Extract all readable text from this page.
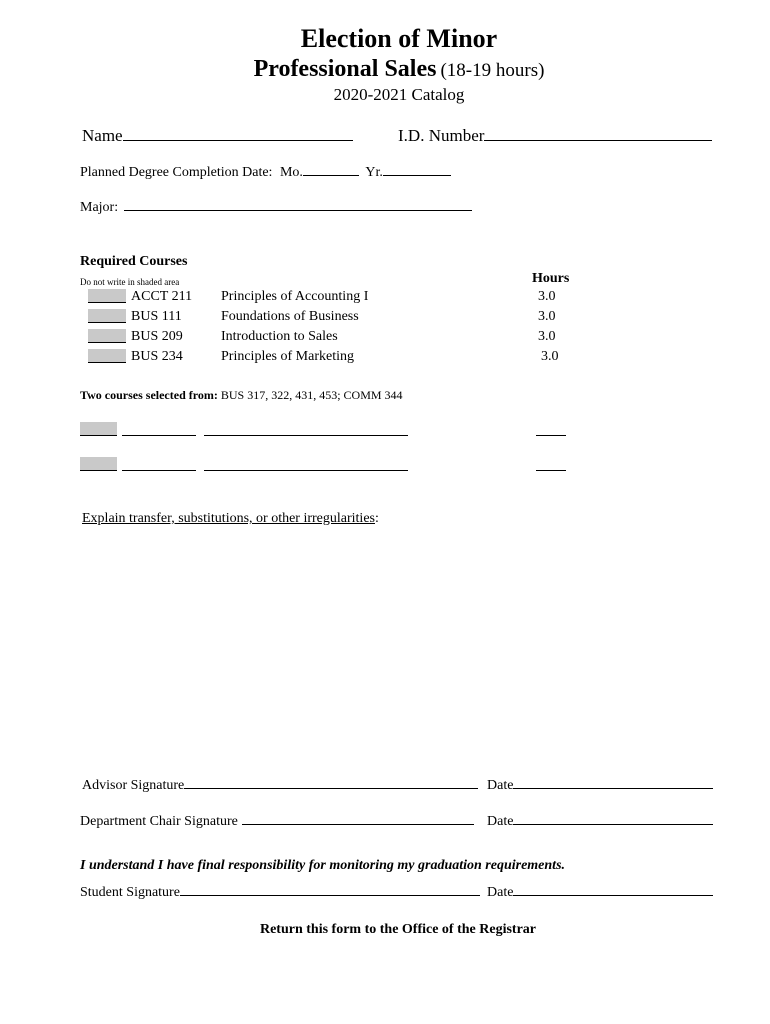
Election of Minor
Professional Sales (18-19 hours)
2020-2021 Catalog
Name	I.D. Number
Planned Degree Completion Date: Mo.	Yr.
Major:
Required Courses
Do not write in shaded area	Hours
ACCT 211 Principles of Accounting I	3.0
BUS 111	Foundations of Business	3.0
BUS 209	Introduction to Sales	3.0
BUS 234	Principles of Marketing	3.0
Two courses selected from: BUS 317, 322, 431, 453; COMM 344
Explain transfer, substitutions, or other irregularities:
Advisor Signature	Date
Department Chair Signature	Date
I understand I have final responsibility for monitoring my graduation requirements.
Student Signature	Date
Return this form to the Office of the Registrar
